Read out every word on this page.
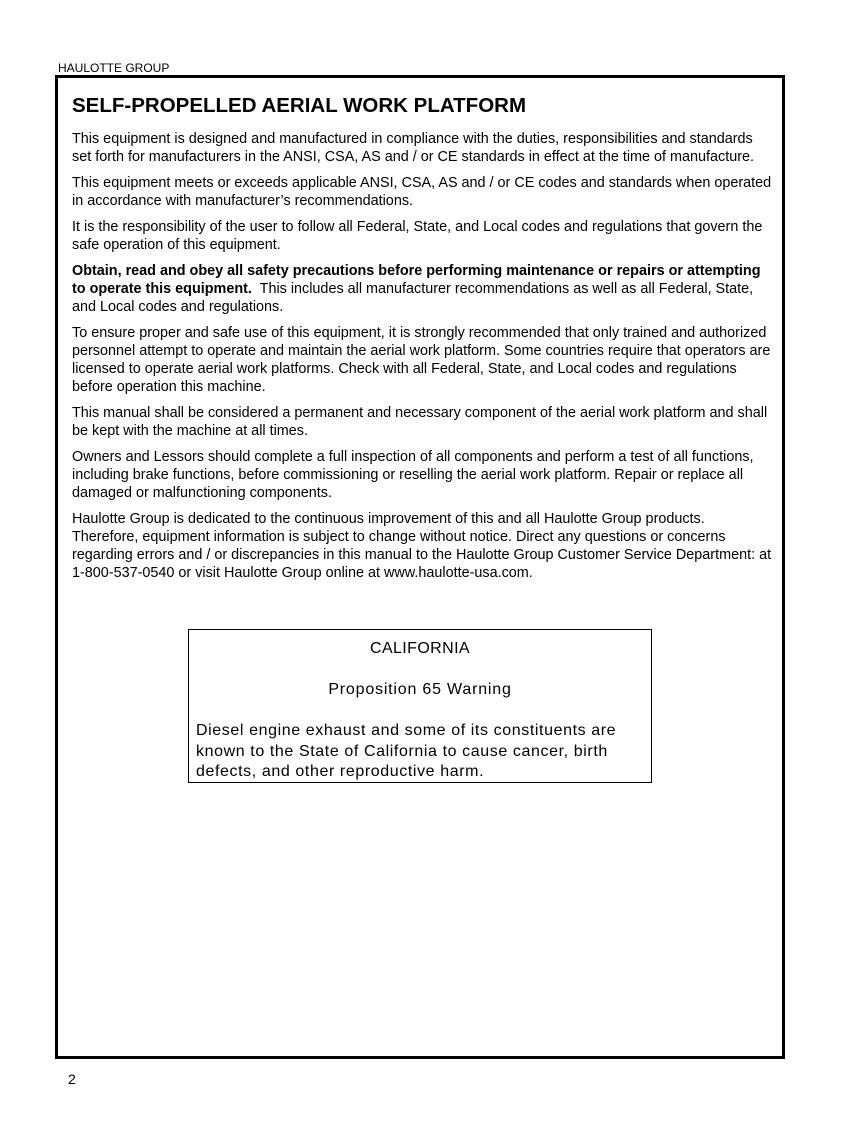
HAULOTTE GROUP
SELF-PROPELLED AERIAL WORK PLATFORM

This equipment is designed and manufactured in compliance with the duties, responsibilities and standards set forth for manufacturers in the ANSI, CSA, AS and / or CE standards in effect at the time of manufacture.

This equipment meets or exceeds applicable ANSI, CSA, AS and / or CE codes and standards when operated in accordance with manufacturer’s recommendations.

It is the responsibility of the user to follow all Federal, State, and Local codes and regulations that govern the safe operation of this equipment.

Obtain, read and obey all safety precautions before performing maintenance or repairs or attempting to operate this equipment. This includes all manufacturer recommendations as well as all Federal, State, and Local codes and regulations.

To ensure proper and safe use of this equipment, it is strongly recommended that only trained and authorized personnel attempt to operate and maintain the aerial work platform. Some countries require that operators are licensed to operate aerial work platforms. Check with all Federal, State, and Local codes and regulations before operation this machine.

This manual shall be considered a permanent and necessary component of the aerial work platform and shall be kept with the machine at all times.

Owners and Lessors should complete a full inspection of all components and perform a test of all functions, including brake functions, before commissioning or reselling the aerial work platform. Repair or replace all damaged or malfunctioning components.

Haulotte Group is dedicated to the continuous improvement of this and all Haulotte Group products. Therefore, equipment information is subject to change without notice. Direct any questions or concerns regarding errors and / or discrepancies in this manual to the Haulotte Group Customer Service Department: at 1-800-537-0540 or visit Haulotte Group online at www.haulotte-usa.com.

CALIFORNIA
Proposition 65 Warning
Diesel engine exhaust and some of its constituents are known to the State of California to cause cancer, birth defects, and other reproductive harm.
2
